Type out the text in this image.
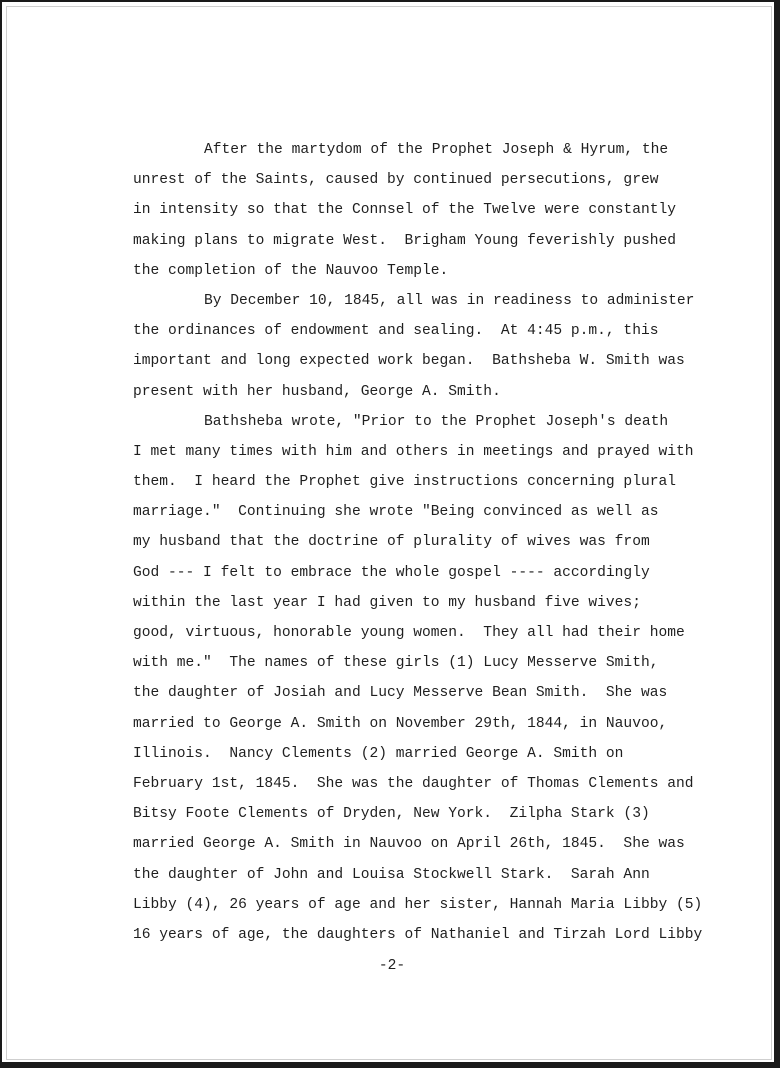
After the martydom of the Prophet Joseph & Hyrum, the
unrest of the Saints, caused by continued persecutions, grew
in intensity so that the Connsel of the Twelve were constantly
making plans to migrate West.  Brigham Young feverishly pushed
the completion of the Nauvoo Temple.
By December 10, 1845, all was in readiness to administer
the ordinances of endowment and sealing.  At 4:45 p.m., this
important and long expected work began.  Bathsheba W. Smith was
present with her husband, George A. Smith.
Bathsheba wrote, "Prior to the Prophet Joseph's death
I met many times with him and others in meetings and prayed with
them.  I heard the Prophet give instructions concerning plural
marriage."  Continuing she wrote "Being convinced as well as
my husband that the doctrine of plurality of wives was from
God --- I felt to embrace the whole gospel ---- accordingly
within the last year I had given to my husband five wives;
good, virtuous, honorable young women.  They all had their home
with me."  The names of these girls (1) Lucy Messerve Smith,
the daughter of Josiah and Lucy Messerve Bean Smith.  She was
married to George A. Smith on November 29th, 1844, in Nauvoo,
Illinois.  Nancy Clements (2) married George A. Smith on
February 1st, 1845.  She was the daughter of Thomas Clements and
Bitsy Foote Clements of Dryden, New York.  Zilpha Stark (3)
married George A. Smith in Nauvoo on April 26th, 1845.  She was
the daughter of John and Louisa Stockwell Stark.  Sarah Ann
Libby (4), 26 years of age and her sister, Hannah Maria Libby (5)
16 years of age, the daughters of Nathaniel and Tirzah Lord Libby
-2-
